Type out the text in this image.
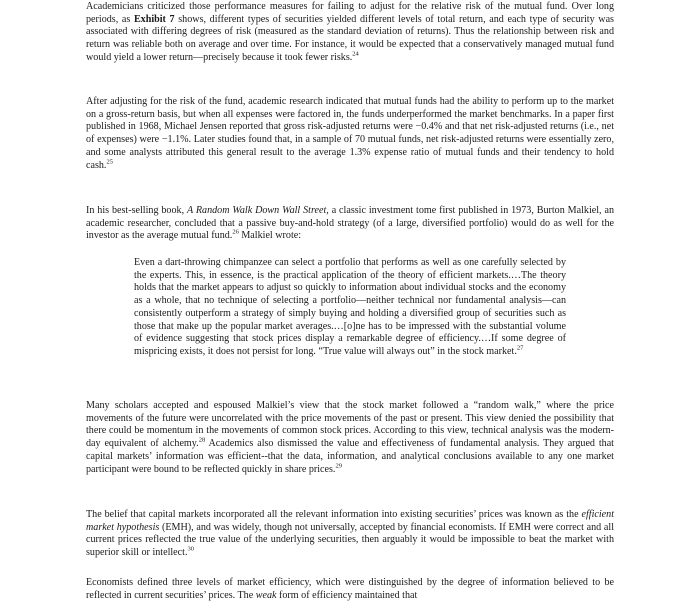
Academicians criticized those performance measures for failing to adjust for the relative risk of the mutual fund. Over long periods, as Exhibit 7 shows, different types of securities yielded different levels of total return, and each type of security was associated with differing degrees of risk (measured as the standard deviation of returns). Thus the relationship between risk and return was reliable both on average and over time. For instance, it would be expected that a conservatively managed mutual fund would yield a lower return—precisely because it took fewer risks.$^{24}$

After adjusting for the risk of the fund, academic research indicated that mutual funds had the ability to perform up to the market on a gross-return basis, but when all expenses were factored in, the funds underperformed the market benchmarks. In a paper first published in 1968, Michael Jensen reported that gross risk-adjusted returns were −0.4% and that net risk-adjusted returns (i.e., net of expenses) were −1.1%. Later studies found that, in a sample of 70 mutual funds, net risk-adjusted returns were essentially zero, and some analysts attributed this general result to the average 1.3% expense ratio of mutual funds and their tendency to hold cash.$^{25}$

In his best-selling book, A Random Walk Down Wall Street, a classic investment tome first published in 1973, Burton Malkiel, an academic researcher, concluded that a passive buy-and-hold strategy (of a large, diversified portfolio) would do as well for the investor as the average mutual fund.$^{26}$ Malkiel wrote:

Even a dart-throwing chimpanzee can select a portfolio that performs as well as one carefully selected by the experts. This, in essence, is the practical application of the theory of efficient markets.…The theory holds that the market appears to adjust so quickly to information about individual stocks and the economy as a whole, that no technique of selecting a portfolio—neither technical nor fundamental analysis—can consistently outperform a strategy of simply buying and holding a diversified group of securities such as those that make up the popular market averages.…[o]ne has to be impressed with the substantial volume of evidence suggesting that stock prices display a remarkable degree of efficiency.…If some degree of mispricing exists, it does not persist for long. “True value will always out” in the stock market.$^{27}$

Many scholars accepted and espoused Malkiel’s view that the stock market followed a “random walk,” where the price movements of the future were uncorrelated with the price movements of the past or present. This view denied the possibility that there could be momentum in the movements of common stock prices. According to this view, technical analysis was the modern-day equivalent of alchemy.$^{28}$ Academics also dismissed the value and effectiveness of fundamental analysis. They argued that capital markets’ information was efficient--that the data, information, and analytical conclusions available to any one market participant were bound to be reflected quickly in share prices.$^{29}$

The belief that capital markets incorporated all the relevant information into existing securities’ prices was known as the efficient market hypothesis (EMH), and was widely, though not universally, accepted by financial economists. If EMH were correct and all current prices reflected the true value of the underlying securities, then arguably it would be impossible to beat the market with superior skill or intellect.$^{30}$

Economists defined three levels of market efficiency, which were distinguished by the degree of information believed to be reflected in current securities’ prices. The weak form of efficiency maintained that
